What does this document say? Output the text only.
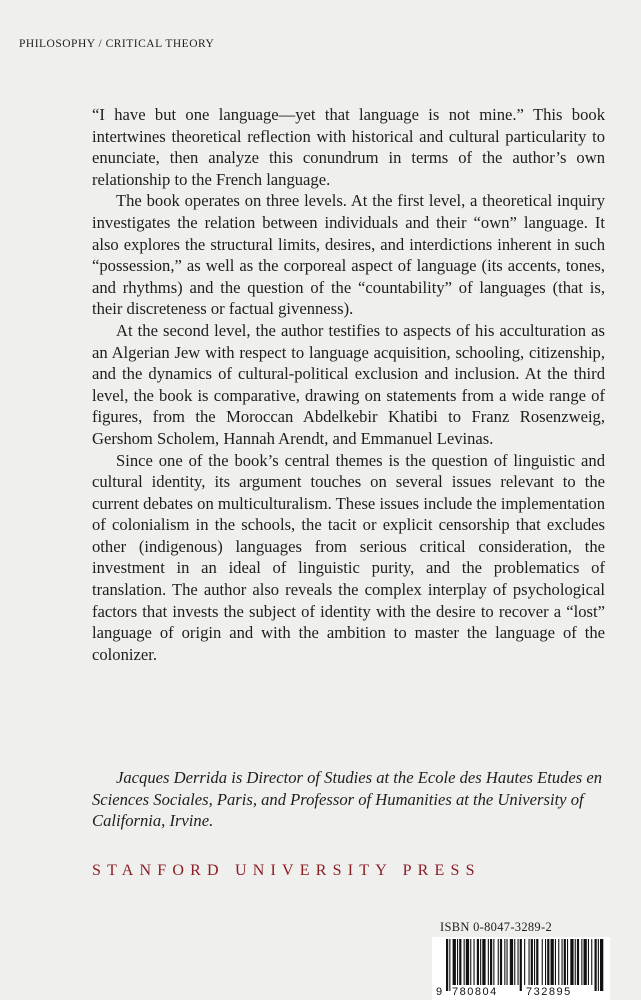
PHILOSOPHY / CRITICAL THEORY

“I have but one language—yet that language is not mine.” This book intertwines theoretical reflection with historical and cultural particularity to enunciate, then analyze this conundrum in terms of the author’s own relationship to the French language.

The book operates on three levels. At the first level, a theoretical inquiry investigates the relation between individuals and their “own” language. It also explores the structural limits, desires, and interdictions inherent in such “possession,” as well as the corporeal aspect of language (its accents, tones, and rhythms) and the question of the “countability” of languages (that is, their discreteness or factual givenness).

At the second level, the author testifies to aspects of his acculturation as an Algerian Jew with respect to language acquisition, schooling, citizenship, and the dynamics of cultural-political exclusion and inclusion. At the third level, the book is comparative, drawing on statements from a wide range of figures, from the Moroccan Abdelkebir Khatibi to Franz Rosenzweig, Gershom Scholem, Hannah Arendt, and Emmanuel Levinas.

Since one of the book’s central themes is the question of linguistic and cultural identity, its argument touches on several issues relevant to the current debates on multiculturalism. These issues include the implementation of colonialism in the schools, the tacit or explicit censorship that excludes other (indigenous) languages from serious critical consideration, the investment in an ideal of linguistic purity, and the problematics of translation. The author also reveals the complex interplay of psychological factors that invests the subject of identity with the desire to recover a “lost” language of origin and with the ambition to master the language of the colonizer.

Jacques Derrida is Director of Studies at the Ecole des Hautes Etudes en Sciences Sociales, Paris, and Professor of Humanities at the University of California, Irvine.

STANFORD UNIVERSITY PRESS
ISBN 0-8047-3289-2
9 780804	732895
